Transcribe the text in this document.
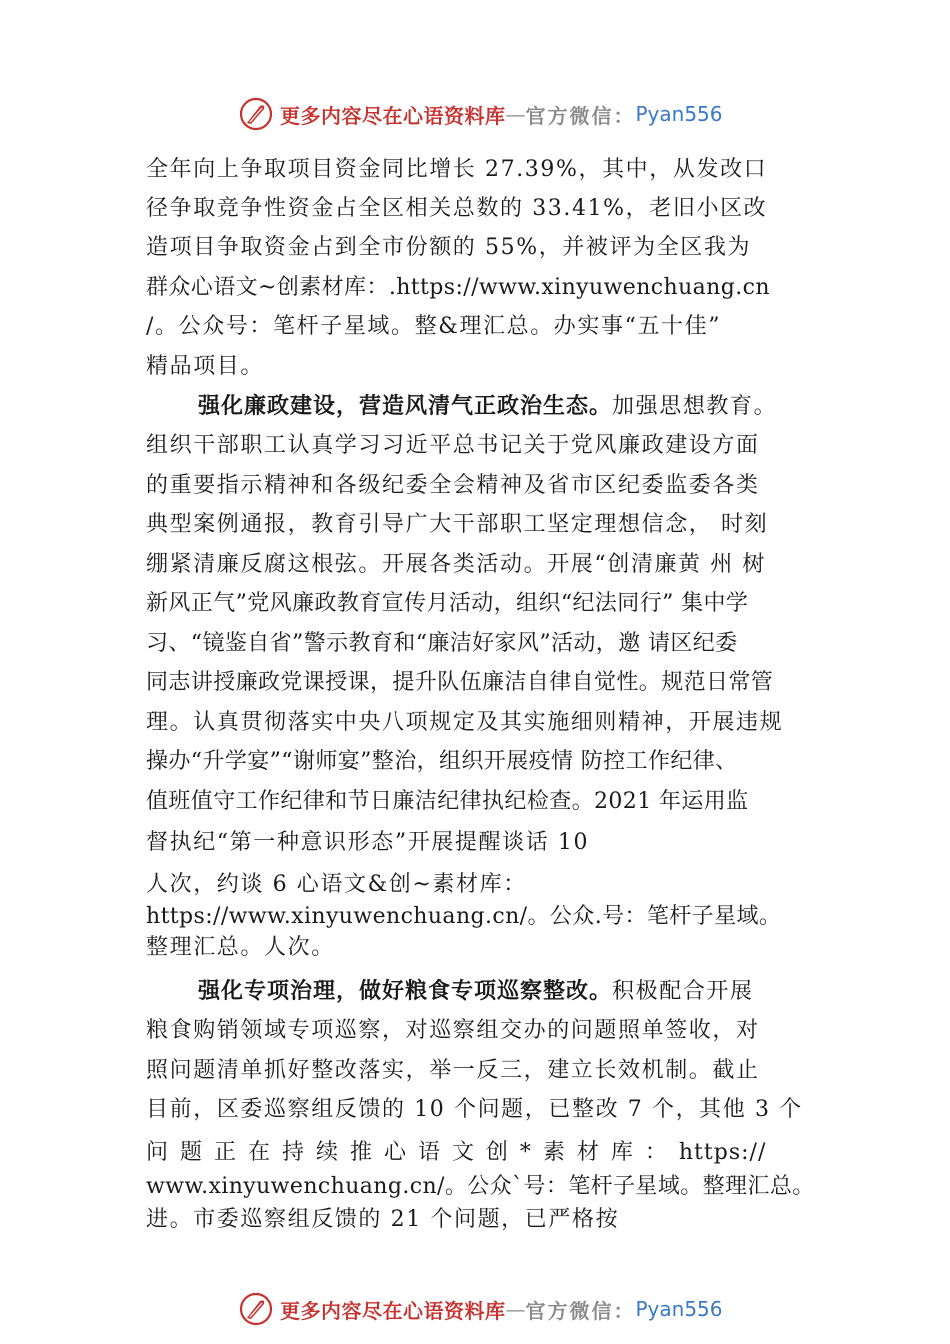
更多内容尽在心语资料库 — 官方微信： Pyan556
全年向上争取项目资金同比增长 27.39%，其中，从发改口
径争取竞争性资金占全区相关总数的 33.41%，老旧小区改
造项目争取资金占到全市份额的 55%，并被评为全区我为
群众心语文~创素材库：.https://www.xinyuwenchuang.cn
/。公众号：笔杆子星域。整&理汇总。办实事“五十佳”
精品项目。
强化廉政建设，营造风清气正政治生态。加强思想教育。
组织干部职工认真学习习近平总书记关于党风廉政建设方面
的重要指示精神和各级纪委全会精神及省市区纪委监委各类
典型案例通报，教育引导广大干部职工坚定理想信念， 时刻
绷紧清廉反腐这根弦。开展各类活动。开展“创清廉黄 州 树
新风正气”党风廉政教育宣传月活动，组织“纪法同行” 集中学
习、“镜鉴自省”警示教育和“廉洁好家风”活动，邀 请区纪委
同志讲授廉政党课授课，提升队伍廉洁自律自觉性。规范日常管
理。认真贯彻落实中央八项规定及其实施细则精神，开展违规
操办“升学宴”“谢师宴”整治，组织开展疫情 防控工作纪律、
值班值守工作纪律和节日廉洁纪律执纪检查。2021 年运用监
督执纪“第一种意识形态”开展提醒谈话 10
人次，约谈 6 心语文&创~素材库：
https://www.xinyuwenchuang.cn/。公众.号：笔杆子星域。
整理汇总。人次。
强化专项治理，做好粮食专项巡察整改。积极配合开展
粮食购销领域专项巡察，对巡察组交办的问题照单签收，对
照问题清单抓好整改落实，举一反三，建立长效机制。截止
目前，区委巡察组反馈的 10 个问题，已整改 7 个，其他 3 个
问 题 正 在 持 续 推 心 语 文 创 * 素 材 库 ： https://
www.xinyuwenchuang.cn/。公众`号：笔杆子星域。整理汇总。
进。市委巡察组反馈的 21 个问题，已严格按
更多内容尽在心语资料库 — 官方微信： Pyan556
